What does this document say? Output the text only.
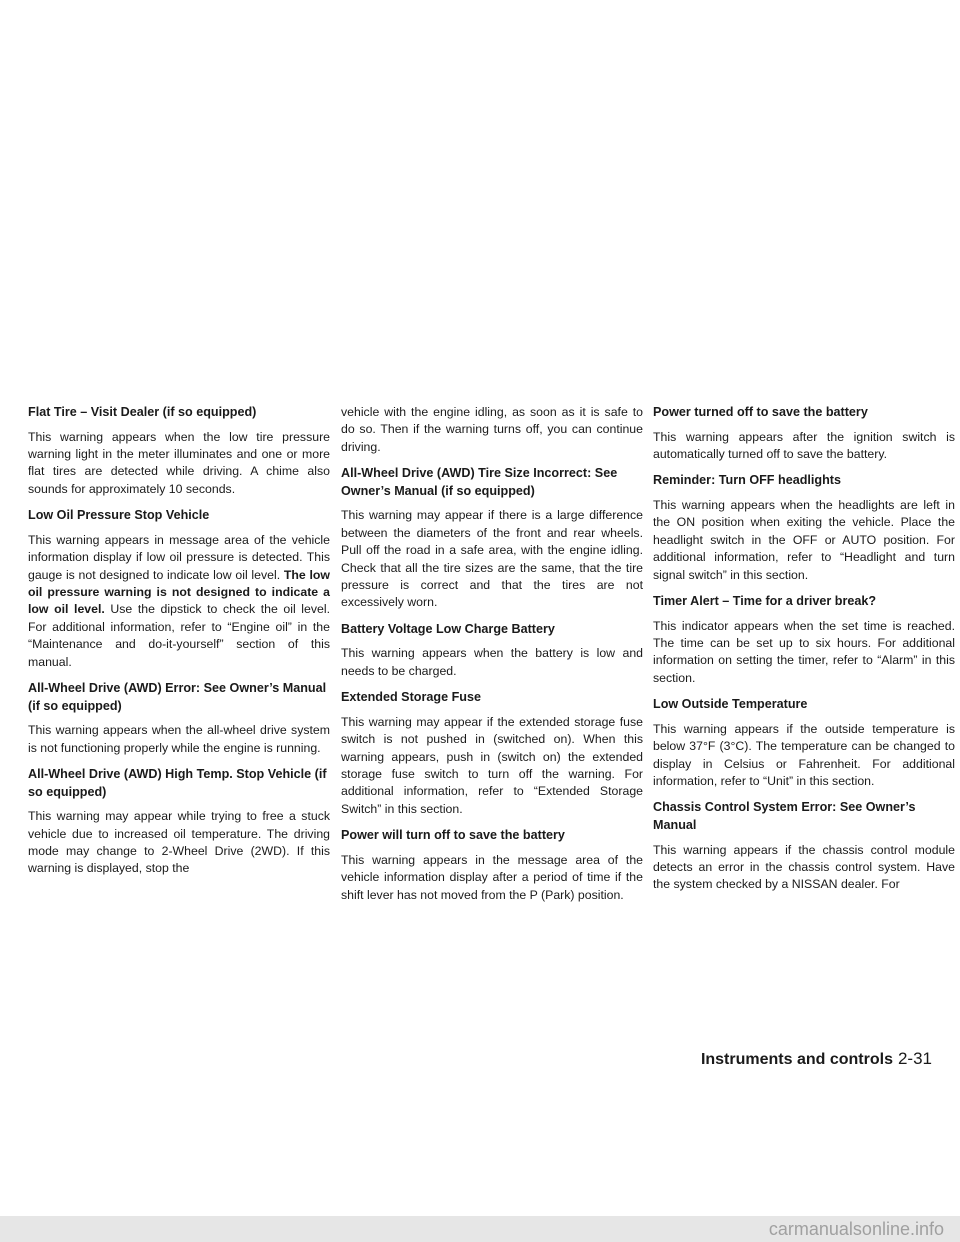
Flat Tire – Visit Dealer (if so equipped)

This warning appears when the low tire pressure warning light in the meter illuminates and one or more flat tires are detected while driving. A chime also sounds for approximately 10 seconds.

Low Oil Pressure Stop Vehicle

This warning appears in message area of the vehicle information display if low oil pressure is detected. This gauge is not designed to indicate low oil level. The low oil pressure warning is not designed to indicate a low oil level. Use the dipstick to check the oil level. For additional information, refer to “Engine oil” in the “Maintenance and do-it-yourself” section of this manual.

All-Wheel Drive (AWD) Error: See Owner’s Manual (if so equipped)

This warning appears when the all-wheel drive system is not functioning properly while the engine is running.

All-Wheel Drive (AWD) High Temp. Stop Vehicle (if so equipped)

This warning may appear while trying to free a stuck vehicle due to increased oil temperature. The driving mode may change to 2-Wheel Drive (2WD). If this warning is displayed, stop the

vehicle with the engine idling, as soon as it is safe to do so. Then if the warning turns off, you can continue driving.

All-Wheel Drive (AWD) Tire Size Incorrect: See Owner’s Manual (if so equipped)

This warning may appear if there is a large difference between the diameters of the front and rear wheels. Pull off the road in a safe area, with the engine idling. Check that all the tire sizes are the same, that the tire pressure is correct and that the tires are not excessively worn.

Battery Voltage Low Charge Battery

This warning appears when the battery is low and needs to be charged.

Extended Storage Fuse

This warning may appear if the extended storage fuse switch is not pushed in (switched on). When this warning appears, push in (switch on) the extended storage fuse switch to turn off the warning. For additional information, refer to “Extended Storage Switch” in this section.

Power will turn off to save the battery

This warning appears in the message area of the vehicle information display after a period of time if the shift lever has not moved from the P (Park) position.

Power turned off to save the battery

This warning appears after the ignition switch is automatically turned off to save the battery.

Reminder: Turn OFF headlights

This warning appears when the headlights are left in the ON position when exiting the vehicle. Place the headlight switch in the OFF or AUTO position. For additional information, refer to “Headlight and turn signal switch” in this section.

Timer Alert – Time for a driver break?

This indicator appears when the set time is reached. The time can be set up to six hours. For additional information on setting the timer, refer to “Alarm” in this section.

Low Outside Temperature

This warning appears if the outside temperature is below 37°F (3°C). The temperature can be changed to display in Celsius or Fahrenheit. For additional information, refer to “Unit” in this section.

Chassis Control System Error: See Owner’s Manual

This warning appears if the chassis control module detects an error in the chassis control system. Have the system checked by a NISSAN dealer. For

Instruments and controls 2-31
carmanualsonline.info
